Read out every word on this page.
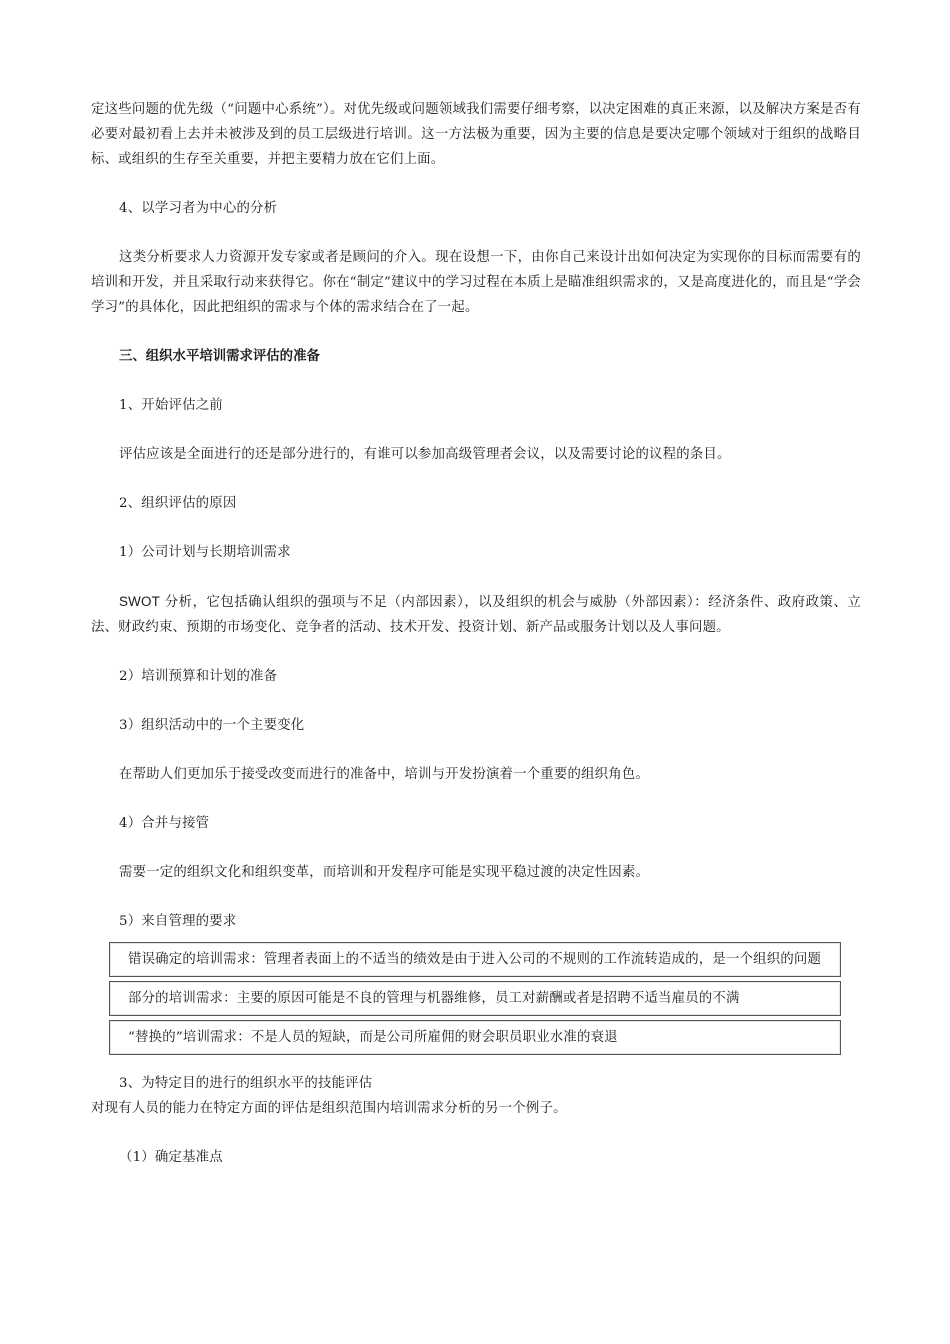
定这些问题的优先级（“问题中心系统”）。对优先级或问题领域我们需要仔细考察，以决定困难的真正来源，以及解决方案是否有必要对最初看上去并未被涉及到的员工层级进行培训。这一方法极为重要，因为主要的信息是要决定哪个领域对于组织的战略目标、或组织的生存至关重要，并把主要精力放在它们上面。

4、以学习者为中心的分析

这类分析要求人力资源开发专家或者是顾问的介入。现在设想一下，由你自己来设计出如何决定为实现你的目标而需要有的培训和开发，并且采取行动来获得它。你在“制定”建议中的学习过程在本质上是瞄准组织需求的，又是高度进化的，而且是“学会学习”的具体化，因此把组织的需求与个体的需求结合在了一起。

三、组织水平培训需求评估的准备

1、开始评估之前

评估应该是全面进行的还是部分进行的，有谁可以参加高级管理者会议，以及需要讨论的议程的条目。

2、组织评估的原因

1）公司计划与长期培训需求

SWOT 分析，它包括确认组织的强项与不足（内部因素），以及组织的机会与威胁（外部因素）：经济条件、政府政策、立法、财政约束、预期的市场变化、竞争者的活动、技术开发、投资计划、新产品或服务计划以及人事问题。

2）培训预算和计划的准备

3）组织活动中的一个主要变化

在帮助人们更加乐于接受改变而进行的准备中，培训与开发扮演着一个重要的组织角色。

4）合并与接管

需要一定的组织文化和组织变革，而培训和开发程序可能是实现平稳过渡的决定性因素。

5）来自管理的要求

错误确定的培训需求：管理者表面上的不适当的绩效是由于进入公司的不规则的工作流转造成的，是一个组织的问题
部分的培训需求：主要的原因可能是不良的管理与机器维修，员工对薪酬或者是招聘不适当雇员的不满
“替换的”培训需求：不是人员的短缺，而是公司所雇佣的财会职员职业水准的衰退

3、为特定目的进行的组织水平的技能评估

对现有人员的能力在特定方面的评估是组织范围内培训需求分析的另一个例子。

（1）确定基准点
